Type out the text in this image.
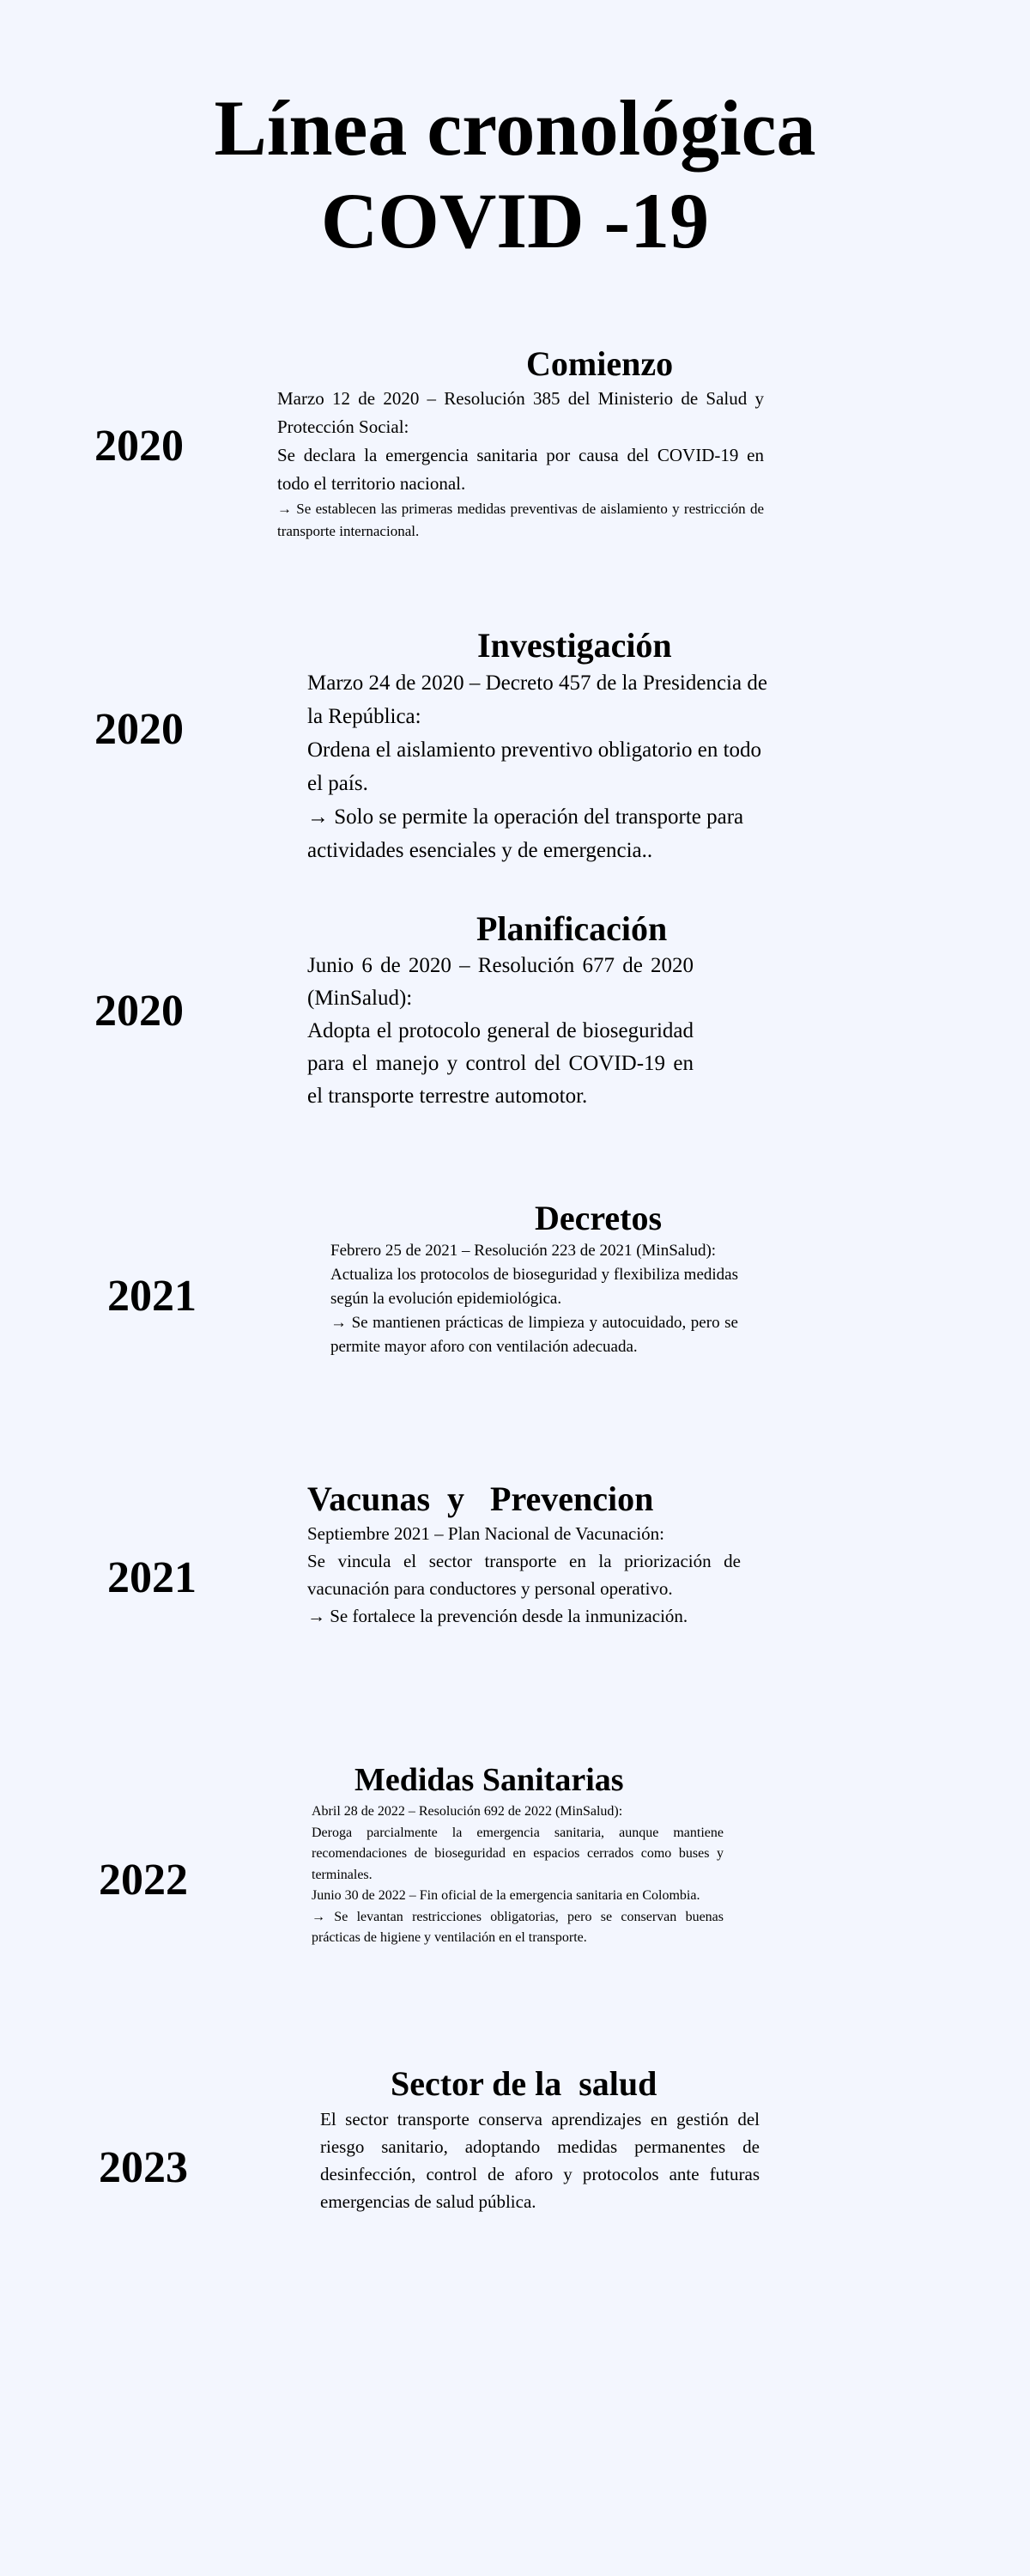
Línea cronológica
COVID -19
2020
Comienzo

Marzo 12 de 2020 – Resolución 385 del Ministerio de Salud y Protección Social:

Se declara la emergencia sanitaria por causa del COVID-19 en todo el territorio nacional.

→ Se establecen las primeras medidas preventivas de aislamiento y restricción de transporte internacional.

2020
Investigación

Marzo 24 de 2020 – Decreto 457 de la Presidencia de la República:

Ordena el aislamiento preventivo obligatorio en todo el país.

→ Solo se permite la operación del transporte para actividades esenciales y de emergencia..

2020
Planificación

Junio 6 de 2020 – Resolución 677 de 2020 (MinSalud):

Adopta el protocolo general de bioseguridad para el manejo y control del COVID-19 en el transporte terrestre automotor.

2021
Decretos

Febrero 25 de 2021 – Resolución 223 de 2021 (MinSalud):

Actualiza los protocolos de bioseguridad y flexibiliza medidas según la evolución epidemiológica.

→ Se mantienen prácticas de limpieza y autocuidado, pero se permite mayor aforo con ventilación adecuada.

2021
Vacunas  y   Prevencion

Septiembre 2021 – Plan Nacional de Vacunación:

Se vincula el sector transporte en la priorización de vacunación para conductores y personal operativo.

→ Se fortalece la prevención desde la inmunización.

2022
Medidas Sanitarias

Abril 28 de 2022 – Resolución 692 de 2022 (MinSalud):

Deroga parcialmente la emergencia sanitaria, aunque mantiene recomendaciones de bioseguridad en espacios cerrados como buses y terminales.

Junio 30 de 2022 – Fin oficial de la emergencia sanitaria en Colombia.

→ Se levantan restricciones obligatorias, pero se conservan buenas prácticas de higiene y ventilación en el transporte.

2023
Sector de la  salud

El sector transporte conserva aprendizajes en gestión del riesgo sanitario, adoptando medidas permanentes de desinfección, control de aforo y protocolos ante futuras emergencias de salud pública.
